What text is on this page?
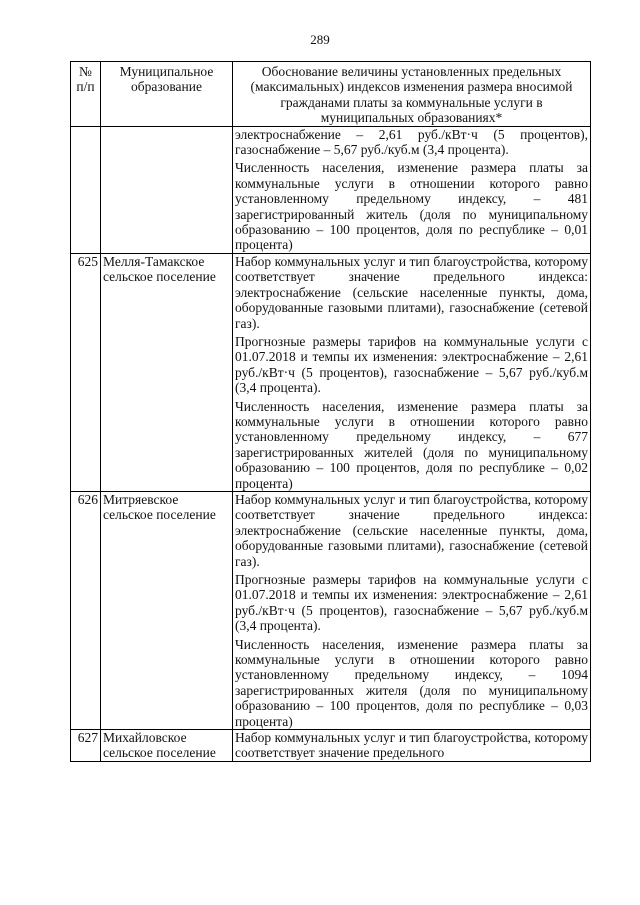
289
№ п/п	Муниципальное образование	Обоснование величины установленных предельных (максимальных) индексов изменения размера вносимой гражданами платы за коммунальные услуги в муниципальных образованиях*

		электроснабжение – 2,61 руб./кВт·ч (5 процентов), газоснабжение – 5,67 руб./куб.м (3,4 процента).

Численность населения, изменение размера платы за коммунальные услуги в отношении которого равно установленному предельному индексу, – 481 зарегистрированный житель (доля по муниципальному образованию – 100 процентов, доля по республике – 0,01 процента)

625	Мелля-Тамакское сельское поселение	Набор коммунальных услуг и тип благоустройства, которому соответствует значение предельного индекса: электроснабжение (сельские населенные пункты, дома, оборудованные газовыми плитами), газоснабжение (сетевой газ).

Прогнозные размеры тарифов на коммунальные услуги с 01.07.2018 и темпы их изменения: электроснабжение – 2,61 руб./кВт·ч (5 процентов), газоснабжение – 5,67 руб./куб.м (3,4 процента).

Численность населения, изменение размера платы за коммунальные услуги в отношении которого равно установленному предельному индексу, – 677 зарегистрированных жителей (доля по муниципальному образованию – 100 процентов, доля по республике – 0,02 процента)

626	Митряевское сельское поселение	Набор коммунальных услуг и тип благоустройства, которому соответствует значение предельного индекса: электроснабжение (сельские населенные пункты, дома, оборудованные газовыми плитами), газоснабжение (сетевой газ).

Прогнозные размеры тарифов на коммунальные услуги с 01.07.2018 и темпы их изменения: электроснабжение – 2,61 руб./кВт·ч (5 процентов), газоснабжение – 5,67 руб./куб.м (3,4 процента).

Численность населения, изменение размера платы за коммунальные услуги в отношении которого равно установленному предельному индексу, – 1094 зарегистрированных жителя (доля по муниципальному образованию – 100 процентов, доля по республике – 0,03 процента)

627	Михайловское сельское поселение	Набор коммунальных услуг и тип благоустройства, которому соответствует значение предельного
